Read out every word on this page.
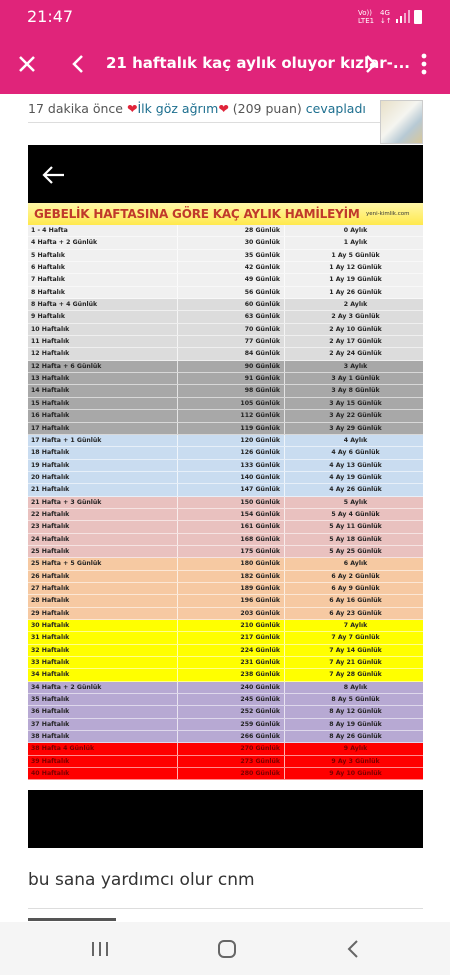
21:47	Vo))
LTE1
4G
↓↑
21 haftalık kaç aylık oluyor kızlar-...
17 dakika önce ❤İlk göz ağrım❤ (209 puan) cevapladı
GEBELİK HAFTASINA GÖRE KAÇ AYLIK HAMİLEYİM yeni-kimlik.com
1 - 4 Hafta	28 Günlük	0 Aylık
4 Hafta + 2 Günlük	30 Günlük	1 Aylık
5 Haftalık	35 Günlük	1 Ay 5 Günlük
6 Haftalık	42 Günlük	1 Ay 12 Günlük
7 Haftalık	49 Günlük	1 Ay 19 Günlük
8 Haftalık	56 Günlük	1 Ay 26 Günlük
8 Hafta + 4 Günlük	60 Günlük	2 Aylık
9 Haftalık	63 Günlük	2 Ay 3 Günlük
10 Haftalık	70 Günlük	2 Ay 10 Günlük
11 Haftalık	77 Günlük	2 Ay 17 Günlük
12 Haftalık	84 Günlük	2 Ay 24 Günlük
12 Hafta + 6 Günlük	90 Günlük	3 Aylık
13 Haftalık	91 Günlük	3 Ay 1 Günlük
14 Haftalık	98 Günlük	3 Ay 8 Günlük
15 Haftalık	105 Günlük	3 Ay 15 Günlük
16 Haftalık	112 Günlük	3 Ay 22 Günlük
17 Haftalık	119 Günlük	3 Ay 29 Günlük
17 Hafta + 1 Günlük	120 Günlük	4 Aylık
18 Haftalık	126 Günlük	4 Ay 6 Günlük
19 Haftalık	133 Günlük	4 Ay 13 Günlük
20 Haftalık	140 Günlük	4 Ay 19 Günlük
21 Haftalık	147 Günlük	4 Ay 26 Günlük
21 Hafta + 3 Günlük	150 Günlük	5 Aylık
22 Haftalık	154 Günlük	5 Ay 4 Günlük
23 Haftalık	161 Günlük	5 Ay 11 Günlük
24 Haftalık	168 Günlük	5 Ay 18 Günlük
25 Haftalık	175 Günlük	5 Ay 25 Günlük
25 Hafta + 5 Günlük	180 Günlük	6 Aylık
26 Haftalık	182 Günlük	6 Ay 2 Günlük
27 Haftalık	189 Günlük	6 Ay 9 Günlük
28 Haftalık	196 Günlük	6 Ay 16 Günlük
29 Haftalık	203 Günlük	6 Ay 23 Günlük
30 Haftalık	210 Günlük	7 Aylık
31 Haftalık	217 Günlük	7 Ay 7 Günlük
32 Haftalık	224 Günlük	7 Ay 14 Günlük
33 Haftalık	231 Günlük	7 Ay 21 Günlük
34 Haftalık	238 Günlük	7 Ay 28 Günlük
34 Hafta + 2 Günlük	240 Günlük	8 Aylık
35 Haftalık	245 Günlük	8 Ay 5 Günlük
36 Haftalık	252 Günlük	8 Ay 12 Günlük
37 Haftalık	259 Günlük	8 Ay 19 Günlük
38 Haftalık	266 Günlük	8 Ay 26 Günlük
38 Hafta 4 Günlük	270 Günlük	9 Aylık
39 Haftalık	273 Günlük	9 Ay 3 Günlük
40 Haftalık	280 Günlük	9 Ay 10 Günlük
bu sana yardımcı olur cnm
